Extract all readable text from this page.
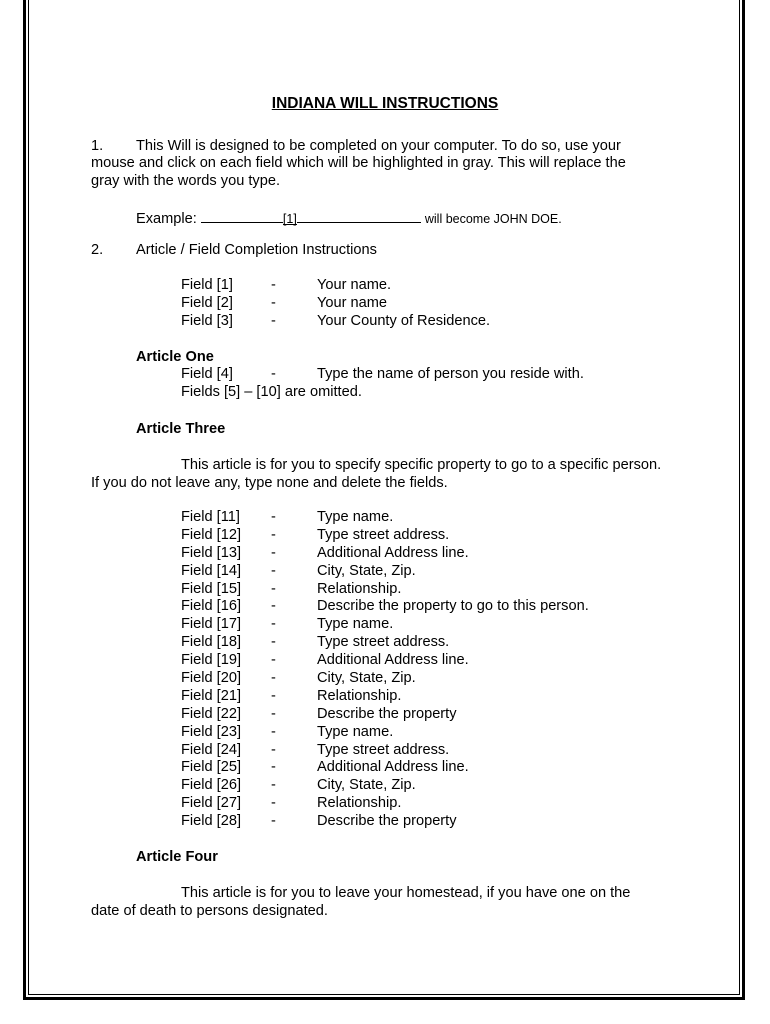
INDIANA WILL INSTRUCTIONS
1. This Will is designed to be completed on your computer. To do so, use your
mouse and click on each field which will be highlighted in gray. This will replace the
gray with the words you type.
Example:	[1]	will become JOHN DOE.
2. Article / Field Completion Instructions
Field [1]	-	Your name.
Field [2]	-	Your name
Field [3]	-	Your County of Residence.
Article One
Field [4]	-	Type the name of person you reside with.
Fields [5] – [10] are omitted.
Article Three
This article is for you to specify specific property to go to a specific person.
If you do not leave any, type none and delete the fields.
Field [11] -	Type name.
Field [12] -	Type street address.
Field [13] -	Additional Address line.
Field [14] -	City, State, Zip.
Field [15] -	Relationship.
Field [16] -	Describe the property to go to this person.
Field [17] -	Type name.
Field [18] -	Type street address.
Field [19] -	Additional Address line.
Field [20] -	City, State, Zip.
Field [21] -	Relationship.
Field [22] -	Describe the property
Field [23] -	Type name.
Field [24] -	Type street address.
Field [25] -	Additional Address line.
Field [26] -	City, State, Zip.
Field [27] -	Relationship.
Field [28] -	Describe the property
Article Four
This article is for you to leave your homestead, if you have one on the
date of death to persons designated.
